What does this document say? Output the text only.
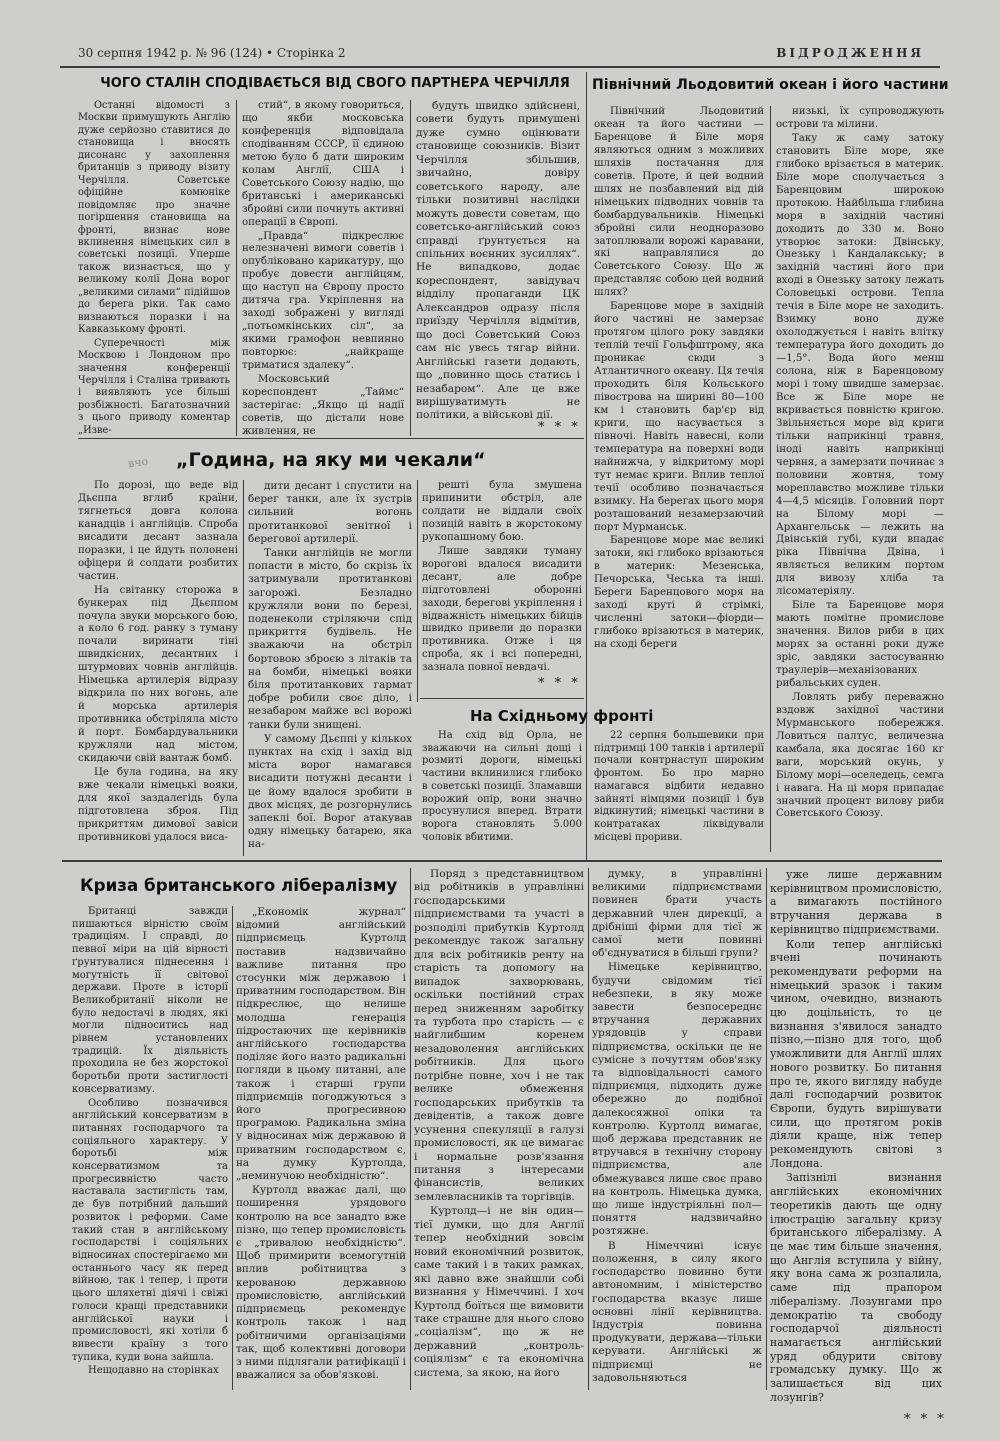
30 серпня 1942 р. № 96 (124) • Сторінка 2	ВІДРОДЖЕННЯ
ЧОГО СТАЛІН СПОДІВАЄТЬСЯ ВІД СВОГО ПАРТНЕРА ЧЕРЧІЛЛЯ

Останні відомості з Москви примушують Англію дуже серйозно ставитися до становища і вносять дисонанс у захоплення британців з приводу візиту Черчілля. Советське офіційне комюніке повідомляє про значне погіршення становища на фронті, визнає нове вклинення німецьких сил в советські позиції. Уперше також визнається, що у великому колії Дона ворог „великими силами“ підійшов до берега ріки. Так само визнаються поразки і на Кавказькому фронті.

Суперечності між Москвою і Лондоном про значення конференції Черчілля і Сталіна тривають і виявляють усе більші розбіжності. Багатозначний з цього приводу коментар „Изве-

стий“, в якому говориться, що якби московська конференція відповідала сподіванням СССР, її єдиною метою було б дати широким колам Англії, США і Советського Союзу надію, що британські і американські збройні сили почнуть активні операції в Європі.

„Правда“ підкреслює нелезначені вимоги советів і опубліковано карикатуру, що пробує довести англійцям, що наступ на Європу просто дитяча гра. Укріплення на заході зображені у вигляді „потьомкінських сіл“, за якими грамофон невпинно повторює: „найкраще триматися здалеку“.

Московський кореспондент „Таймс“ застерігає: „Якщо ці надії советів, що дістали нове живлення, не

будуть швидко здійснені, совети будуть примушені дуже сумно оцінювати становище союзників. Візит Черчілля збільшив, звичайно, довіру советського народу, але тільки позитивні наслідки можуть довести советам, що советсько-англійський союз справді ґрунтується на спільних воєнних зусиллях“. Не випадково, додає кореспондент, завідувач відділу пропаганди ЦК Александров одразу після приїзду Черчілля відмітив, що досі Советський Союз сам ніс увесь тягар війни. Англійські газети додають, що „повинно щось статись і незабаром“. Але це вже вирішуватимуть не політики, а військові дії.

* * *
Північний Льодовитий океан і його частини

Північний Льодовитий океан та його частини — Баренцове й Біле моря являються одним з можливих шляхів постачання для советів. Проте, й цей водний шлях не позбавлений від дій німецьких підводних човнів та бомбардувальників. Німецькі збройні сили неодноразово затоплювали ворожі каравани, які направлялися до Советського Союзу. Що ж представляє собою цей водний шлях?

Баренцове море в західній його частині не замерзає протягом цілого року завдяки теплій течії Гольфштрому, яка проникає сюди з Атлантичного океану. Ця течія проходить біля Кольського півострова на ширині 80—100 км і становить бар'єр від криги, що насувається з півночі. Навіть навесні, коли температура на поверхні води найнижча, у відкритому морі тут немає криги. Вплив теплої течії особливо позначається взимку. На берегах цього моря розташований незамерзаючий порт Мурманськ.

Баренцове море має великі затоки, які глибоко врізаються в материк: Мезенська, Печорська, Чеська та інші. Береги Баренцового моря на заході круті й стрімкі, численні затоки—фіорди—глибоко врізаються в материк, на сході береги

низькі, їх супроводжують острови та мілини.

Таку ж саму затоку становить Біле море, яке глибоко врізається в материк. Біле море сполучається з Баренцовим широкою протокою. Найбільша глибина моря в західній частині доходить до 330 м. Воно утворює затоки: Двінську, Онезьку і Кандалакську; в західній частині його при вході в Онезьку затоку лежать Соловецькі острови. Тепла течія в Біле море не заходить. Взимку воно дуже охолоджується і навіть влітку температура його доходить до —1,5°. Вода його менш солона, ніж в Баренцовому морі і тому швидше замерзає. Все ж Біле море не вкривається повністю кригою. Звільняється море від криги тільки наприкінці травня, іноді навіть наприкінці червня, а замерзати починає з половини жовтня, тому мореплавство можливе тільки 4—4,5 місяців. Головний порт на Білому морі — Архангельськ — лежить на Двінській губі, куди впадає ріка Північна Двіна, і являється великим портом для вивозу хліба та лісоматеріялу.

Біле та Баренцове моря мають помітне промислове значення. Вилов риби в цих морях за останні роки дуже зріс, завдяки застосуванню траулерів—механізованих рибальських суден.

Ловлять рибу переважно вздовж західної частини Мурманського побережжя. Ловиться палтус, величезна камбала, яка досягає 160 кг ваги, морський окунь, у Білому морі—оселедець, семга і навага. На ці моря припадає значний процент вилову риби Советського Союзу.

вчо „Година, на яку ми чекали“

По дорозі, що веде від Дьєппа вглиб країни, тягнеться довга колона канадців і англійців. Спроба висадити десант зазнала поразки, і це йдуть полонені офіцери й солдати розбитих частин.

На світанку сторожа в бункерах під Дьєппом почула звуки морського бою, а коло 6 год. ранку з туману почали виринати тіні швидкісних, десантних і штурмових човнів англійців. Німецька артилерія відразу відкрила по них вогонь, але й морська артилерія противника обстріляла місто й порт. Бомбардувальники кружляли над містом, скидаючи свій вантаж бомб.

Це була година, на яку вже чекали німецькі вояки, для якої заздалегідь була підготовлена зброя. Під прикриттям димової завіси противникові удалося виса-

дити десант і спустити на берег танки, але їх зустрів сильний вогонь протитанкової зенітної і берегової артилерії.

Танки англійців не могли попасти в місто, бо скрізь їх затримували протитанкові загорожі. Безладно кружляли вони по березі, поденеколи стріляючи спід прикриття будівель. Не зважаючи на обстріл бортовою зброєю з літаків та на бомби, німецькі вояки біля протитанкових гармат добре робили своє діло, і незабаром майже всі ворожі танки були знищені.

У самому Дьєппі у кількох пунктах на схід і захід від міста ворог намагався висадити потужні десанти і це йому вдалося зробити в двох місцях, де розгорнулись запеклі бої. Ворог атакував одну німецьку батарею, яка на-

решті була змушена припинити обстріл, але солдати не віддали своїх позицій навіть в жорстокому рукопашному бою.

Лише завдяки туману ворогові вдалося висадити десант, але добре підготовлені оборонні заходи, берегові укріплення і відважність німецьких бійців швидко привели до поразки противника. Отже і ця спроба, як і всі попередні, зазнала повної невдачі.

* * *
На Східньому фронті

На схід від Орла, не зважаючи на сильні дощі і розмиті дороги, німецькі частини вклинилися глибоко в советські позиції. Зламавши ворожий опір, вони значно просунулися вперед. Втрати ворога становлять 5.000 чоловік вбитими.

22 серпня большевики при підтримці 100 танків і артилерії почали контрнаступ широким фронтом. Бо про марно намагався відбити недавно зайняті німцями позиції і був відкинутий; німецькі частини в контратаках ліквідували місцеві прориви.

Криза британського лібералізму

Британці завжди пишаються вірністю своїм традиціям. І справді, до певної міри на цій вірності ґрунтувалися піднесення і могутність її світової держави. Проте в історії Великобританії ніколи не було недостачі в людях, які могли підноситись над рівнем установлених традицій. Їх діяльність проходила не без жорстокої боротьби проти застиглості консерватизму.

Особливо позначився англійський консерватизм в питаннях господарчого та соціяльного характеру. У боротьбі між консерватизмом та прогресивністю часто наставала застиглість там, де був потрібний дальший розвиток і реформи. Саме такий стан в англійському господарстві і соціяльних відносинах спостерігаємо ми останнього часу як перед війною, так і тепер, і проти цього шляхетні діячі і свіжі голоси кращі представники англійської науки і промисловості, які хотіли б вивести країну з того тупика, куди вона зайшла.

Нещодавно на сторінках

„Економік журнал“ відомий англійський підприємець Куртолд поставив надзвичайно важливе питання про стосунки між державою і приватним господарством. Він підкреслює, що нелише молодша генерація підростаючих ще керівників англійського господарства поділяє його назто радикальні погляди в цьому питанні, але також і старші групи підприємців погоджуються з його прогресивною програмою. Радикальна зміна у відносинах між державою й приватним господарством є, на думку Куртолда, „неминучою необхідністю“.

Куртолд вважає далі, що поширення урядового контролю на все занадто вже пізно, що тепер промисловість є „тривалою необхідністю“. Щоб примирити всемогутній вплив робітництва з керованою державною промисловістю, англійський підприємець рекомендує контроль також і над робітничими організаціями так, щоб колективні договори з ними підлягали ратифікації і вважалися за обов'язкові.

Поряд з представництвом від робітників в управлінні господарськими підприємствами та участі в розподілі прибутків Куртолд рекомендує також загальну для всіх робітників ренту на старість та допомогу на випадок захворювань, оскільки постійний страх перед зниженням заробітку та турбота про старість — є найглибшим коренем незадоволення англійських робітників. Для цього потрібне повне, хоч і не так велике обмеження господарських прибутків та девідентів, а також довге усунення спекуляції в галузі промисловості, як це вимагає і нормальне розв'язання питання з інтересами фінансистів, великих землевласників та торгівців.

Куртолд—і не він один—тієї думки, що для Англії тепер необхідний зовсім новий економічний розвиток, саме такий і в таких рамках, які давно вже знайшли собі визнання у Німеччині. І хоч Куртолд боїться ще вимовити таке страшне для нього слово „соціалізм“, що ж не державний „контроль-соціялізм“ є та економічна система, за якою, на його

думку, в управлінні великими підприємствами повинен брати участь державний член дирекції, а дрібніші фірми для тієї ж самої мети повинні об'єднуватися в більші групи?

Німецьке керівництво, будучи свідомим тієї небезпеки, в яку може завести безпосереднє втручання державних урядовців у справи підприємства, оскільки це не сумісне з почуттям обов'язку та відповідальності самого підприємця, підходить дуже обережно до подібної далекосяжної опіки та контролю. Куртолд вимагає, щоб держава представник не втручався в технічну сторону підприємства, але обмежувався лише своє право на контроль. Німецька думка, що лише індустріяльні пол—поняття надзвичайно розтяжне.

В Німеччині існує положення, в силу якого господарство повинно бути автономним, і міністерство господарства вказує лише основні лінії керівництва. Індустрія повинна продукувати, держава—тільки керувати. Англійські ж підприємці не задовольняються

уже лише державним керівництвом промисловістю, а вимагають постійного втручання держава в керівництво підприємствами.

Коли тепер англійські вчені починають рекомендувати реформи на німецький зразок і таким чином, очевидно, визнають цю доцільність, то це визнання з'явилося занадто пізно,—пізно для того, щоб уможливити для Англії шлях нового розвитку. Бо питання про те, якого вигляду набуде далі господарчий розвиток Європи, будуть вирішувати сили, що протягом років діяли краще, ніж тепер рекомендують світові з Лондона.

Запізнілі визнання англійських економічних теоретиків дають ще одну ілюстрацію загальну кризу британського лібералізму. А це має тим більше значення, що Англія вступила у війну, яку вона сама ж розпалила, саме під прапором лібералізму. Лозунгами про демократію та свободу господарчої діяльності намагається англійський уряд обдурити світову громадську думку. Що ж залишається від цих лозунгів?

* * *
